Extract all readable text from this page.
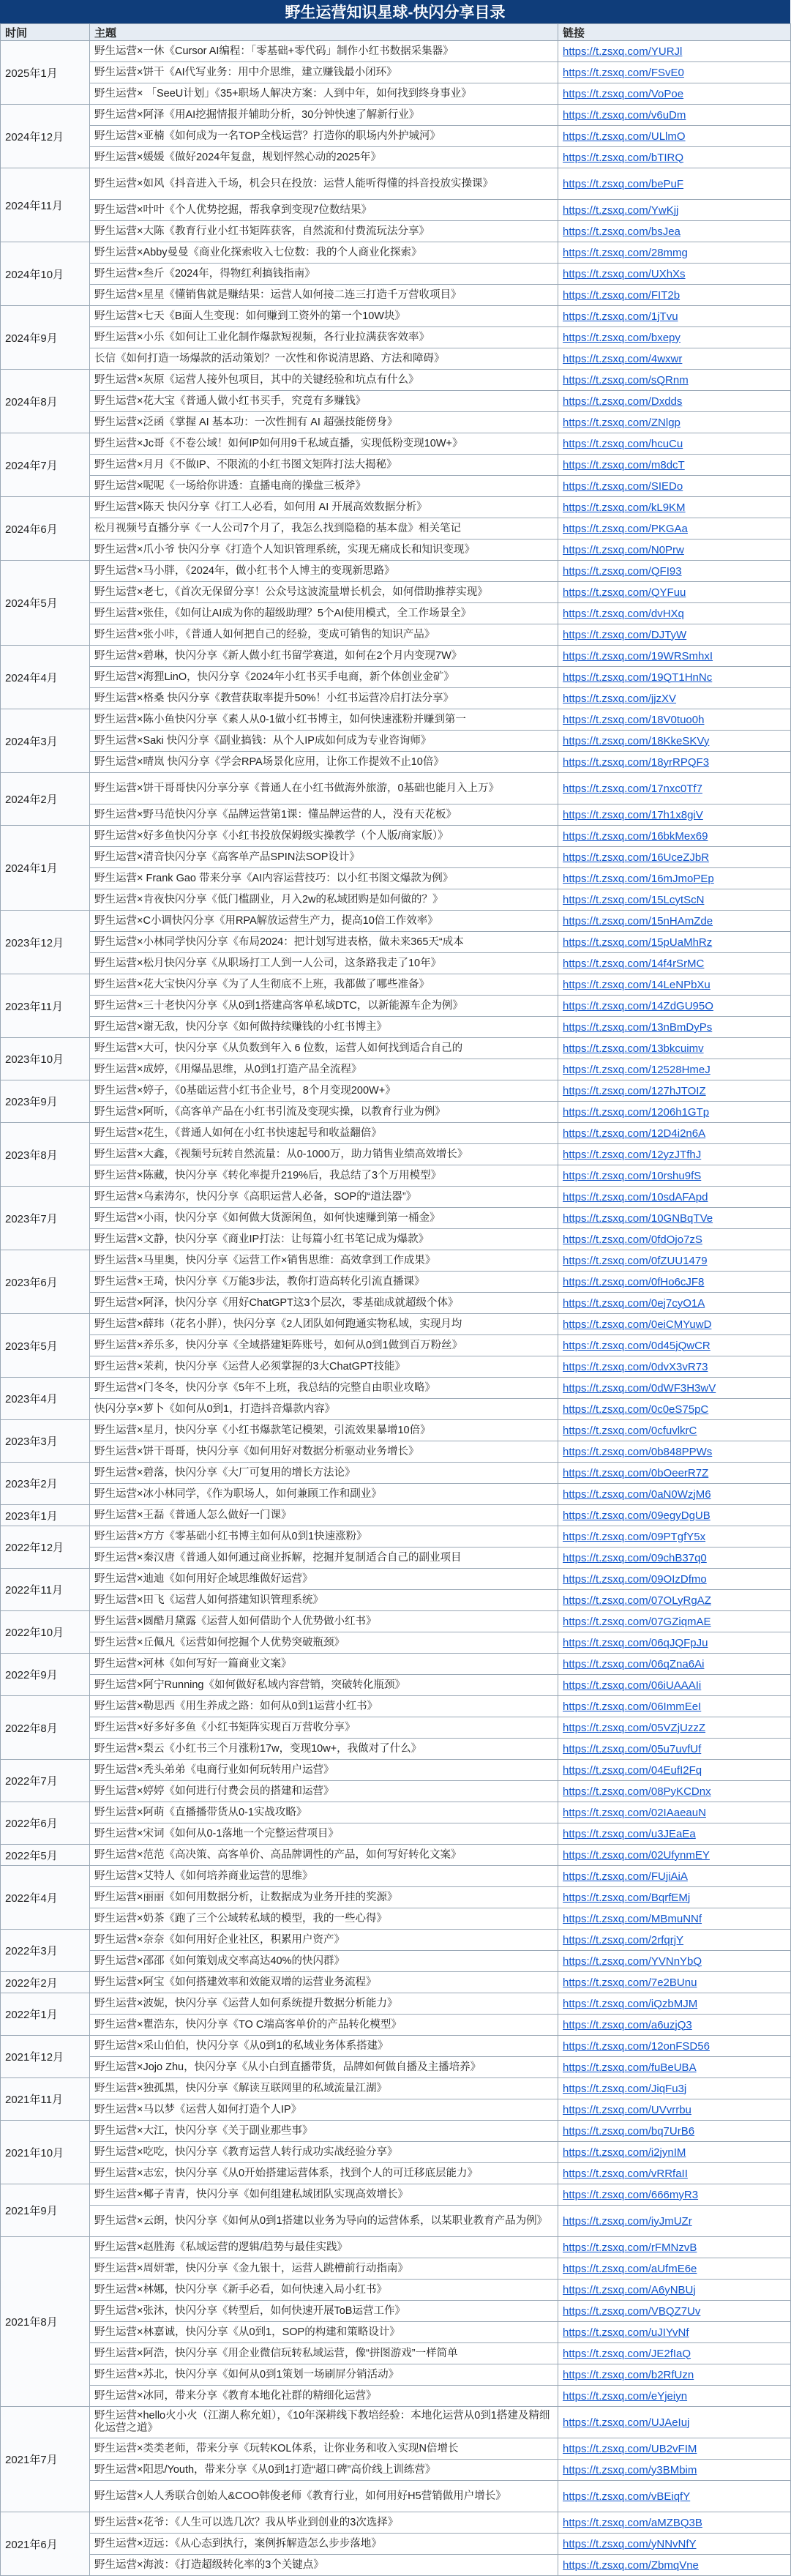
野生运营知识星球-快闪分享目录
时间	主题	链接
2025年1月	野生运营×一休《Cursor AI编程：「零基础+零代码」制作小红书数据采集器》	https://t.zsxq.com/YURJl
	野生运营×饼干《AI代写业务：用中介思维，建立赚钱最小闭环》	https://t.zsxq.com/FSvE0
	野生运营× 「SeeU计划」《35+职场人解决方案：人到中年，如何找到终身事业》	https://t.zsxq.com/VoPoe
2024年12月	野生运营×阿泽《用AI挖掘情报并辅助分析，30分钟快速了解新行业》	https://t.zsxq.com/v6uDm
	野生运营×亚楠《如何成为一名TOP全栈运营？打造你的职场内外护城河》	https://t.zsxq.com/ULlmO
	野生运营×媛媛《做好2024年复盘，规划怦然心动的2025年》	https://t.zsxq.com/bTIRQ
2024年11月	野生运营×如风《抖音进入千场，机会只在投放：运营人能听得懂的抖音投放实操课》	https://t.zsxq.com/bePuF
	野生运营×叶叶《个人优势挖掘，帮我拿到变现7位数结果》	https://t.zsxq.com/YwKjj
	野生运营×大陈《教育行业小红书矩阵获客，自然流和付费流玩法分享》	https://t.zsxq.com/bsJea
2024年10月	野生运营×Abby曼曼《商业化探索收入七位数：我的个人商业化探索》	https://t.zsxq.com/28mmg
	野生运营×叁斤《2024年，得物红利搞钱指南》	https://t.zsxq.com/UXhXs
	野生运营×星星《懂销售就是赚结果：运营人如何接二连三打造千万营收项目》	https://t.zsxq.com/FIT2b
2024年9月	野生运营×七天《B面人生变现：如何赚到工资外的第一个10W块》	https://t.zsxq.com/1jTvu
	野生运营×小乐《如何让工业化制作爆款短视频，各行业拉满获客效率》	https://t.zsxq.com/bxepy
	长信《如何打造一场爆款的活动策划？一次性和你说清思路、方法和障碍》	https://t.zsxq.com/4wxwr
2024年8月	野生运营×灰原《运营人接外包项目，其中的关键经验和坑点有什么》	https://t.zsxq.com/sQRnm
	野生运营×花大宝《普通人做小红书买手，究竟有多赚钱》	https://t.zsxq.com/Dxdds
	野生运营×泛函《掌握 AI 基本功：一次性拥有 AI 超强技能傍身》	https://t.zsxq.com/ZNlgp
2024年7月	野生运营×Jc哥《不卷公域！如何IP如何用9千私域直播，实现低粉变现10W+》	https://t.zsxq.com/hcuCu
	野生运营×月月《不做IP、不限流的小红书图文矩阵打法大揭秘》	https://t.zsxq.com/m8dcT
	野生运营×呢呢《一场给你讲透：直播电商的操盘三板斧》	https://t.zsxq.com/SIEDo
2024年6月	野生运营×陈天 快闪分享《打工人必看，如何用 AI 开展高效数据分析》	https://t.zsxq.com/kL9KM
	松月视频号直播分享《一人公司7个月了，我怎么找到隐稳的基本盘》相关笔记	https://t.zsxq.com/PKGAa
	野生运营×爪小爷 快闪分享《打造个人知识管理系统，实现无痛成长和知识变现》	https://t.zsxq.com/N0Prw
2024年5月	野生运营×马小胖，《2024年，做小红书个人博主的变现新思路》	https://t.zsxq.com/QFI93
	野生运营×老七，《首次无保留分享！公众号这波流量增长机会，如何借助推荐实现》	https://t.zsxq.com/QYFuu
	野生运营×张佳，《如何让AI成为你的超级助理？5个AI使用模式，全工作场景全》	https://t.zsxq.com/dvHXq
	野生运营×张小咔，《普通人如何把自己的经验，变成可销售的知识产品》	https://t.zsxq.com/DJTyW
2024年4月	野生运营×碧琳，快闪分享《新人做小红书留学赛道，如何在2个月内变现7W》	https://t.zsxq.com/19WRSmhxI
	野生运营×海狸LinO，快闪分享《2024年小红书买手电商，新个体创业金矿》	https://t.zsxq.com/19QT1HnNc
	野生运营×格桑 快闪分享《教营获取率提升50%！小红书运营冷启打法分享》	https://t.zsxq.com/jjzXV
2024年3月	野生运营×陈小鱼快闪分享《素人从0-1做小红书博主，如何快速涨粉并赚到第一	https://t.zsxq.com/18V0tuo0h
	野生运营×Saki 快闪分享《副业搞钱：从个人IP成如何成为专业咨询师》	https://t.zsxq.com/18KkeSKVy
	野生运营×晴岚 快闪分享《学会RPA场景化应用，让你工作提效不止10倍》	https://t.zsxq.com/18yrRPQF3
2024年2月	野生运营×饼干哥哥快闪分享分享《普通人在小红书做海外旅游，0基础也能月入上万》	https://t.zsxq.com/17nxc0Tf7
	野生运营×野马范快闪分享《品牌运营第1课：懂品牌运营的人，没有天花板》	https://t.zsxq.com/17h1x8giV
2024年1月	野生运营×好多鱼快闪分享《小红书投放保姆级实操教学（个人版/商家版）》	https://t.zsxq.com/16bkMex69
	野生运营×清音快闪分享《高客单产品SPIN法SOP设计》	https://t.zsxq.com/16UceZJbR
	野生运营× Frank Gao 带来分享《AI内容运营技巧：以小红书图文爆款为例》	https://t.zsxq.com/16mJmoPEp
	野生运营×肯夜快闪分享《低门槛副业，月入2w的私域团购是如何做的？》	https://t.zsxq.com/15LcytScN
2023年12月	野生运营×C小调快闪分享《用RPA解放运营生产力，提高10倍工作效率》	https://t.zsxq.com/15nHAmZde
	野生运营×小林同学快闪分享《布局2024：把计划写进表格，做未来365天“成本	https://t.zsxq.com/15pUaMhRz
	野生运营×松月快闪分享《从职场打工人到一人公司，这条路我走了10年》	https://t.zsxq.com/14f4rSrMC
2023年11月	野生运营×花大宝快闪分享《为了人生彻底不上班，我都做了哪些准备》	https://t.zsxq.com/14LeNPbXu
	野生运营×三十老快闪分享《从0到1搭建高客单私域DTC，以新能源车企为例》	https://t.zsxq.com/14ZdGU95O
	野生运营×谢无敌，快闪分享《如何做持续赚钱的小红书博主》	https://t.zsxq.com/13nBmDyPs
2023年10月	野生运营×大可，快闪分享《从负数到年入 6 位数，运营人如何找到适合自己的	https://t.zsxq.com/13bkcuimv
	野生运营×成婷，《用爆品思维，从0到1打造产品全流程》	https://t.zsxq.com/12528HmeJ
2023年9月	野生运营×婷子，《0基础运营小红书企业号，8个月变现200W+》	https://t.zsxq.com/127hJTOIZ
	野生运营×阿昕，《高客单产品在小红书引流及变现实操，以教育行业为例》	https://t.zsxq.com/1206h1GTp
2023年8月	野生运营×花生，《普通人如何在小红书快速起号和收益翻倍》	https://t.zsxq.com/12D4i2n6A
	野生运营×大鑫，《视频号玩转自然流量：从0-1000万，助力销售业绩高效增长》	https://t.zsxq.com/12yzJTfhJ
	野生运营×陈藏，快闪分享《转化率提升219%后，我总结了3个万用模型》	https://t.zsxq.com/10rshu9fS
2023年7月	野生运营×乌素涛尔，快闪分享《高职运营人必备，SOP的“道法器”》	https://t.zsxq.com/10sdAFApd
	野生运营×小雨，快闪分享《如何做大货源闲鱼，如何快速赚到第一桶金》	https://t.zsxq.com/10GNBqTVe
	野生运营×文静，快闪分享《商业IP打法：让每篇小红书笔记成为爆款》	https://t.zsxq.com/0fdOjo7zS
2023年6月	野生运营×马里奥，快闪分享《运营工作×销售思维：高效拿到工作成果》	https://t.zsxq.com/0fZUU1479
	野生运营×王琦，快闪分享《万能3步法，教你打造高转化引流直播课》	https://t.zsxq.com/0fHo6cJF8
	野生运营×阿泽，快闪分享《用好ChatGPT这3个层次，零基础成就超级个体》	https://t.zsxq.com/0ej7cyO1A
2023年5月	野生运营×薛玮（花名小胖），快闪分享《2人团队如何跑通实物私域，实现月均	https://t.zsxq.com/0eiCMYuwD
	野生运营×养乐多，快闪分享《全域搭建矩阵账号，如何从0到1做到百万粉丝》	https://t.zsxq.com/0d45jQwCR
	野生运营×茉莉，快闪分享《运营人必须掌握的3大ChatGPT技能》	https://t.zsxq.com/0dvX3vR73
2023年4月	野生运营×门冬冬，快闪分享《5年不上班，我总结的完整自由职业攻略》	https://t.zsxq.com/0dWF3H3wV
	快闪分享×萝卜《如何从0到1，打造抖音爆款内容》	https://t.zsxq.com/0c0eS75pC
2023年3月	野生运营×星月，快闪分享《小红书爆款笔记模架，引流效果暴增10倍》	https://t.zsxq.com/0cfuvlkrC
	野生运营×饼干哥哥，快闪分享《如何用好对数据分析驱动业务增长》	https://t.zsxq.com/0b848PPWs
2023年2月	野生运营×碧落，快闪分享《大厂可复用的增长方法论》	https://t.zsxq.com/0bOeerR7Z
	野生运营×冰小林同学，《作为职场人，如何兼顾工作和副业》	https://t.zsxq.com/0aN0WzjM6
2023年1月	野生运营×王磊《普通人怎么做好一门课》	https://t.zsxq.com/09egyDgUB
2022年12月	野生运营×方方《零基础小红书博主如何从0到1快速涨粉》	https://t.zsxq.com/09PTgfY5x
	野生运营×秦汉唐《普通人如何通过商业拆解，挖掘并复制适合自己的副业项目	https://t.zsxq.com/09chB37q0
2022年11月	野生运营×迪迪《如何用好企域思维做好运营》	https://t.zsxq.com/09OIzDfmo
	野生运营×田飞《运营人如何搭建知识管理系统》	https://t.zsxq.com/07OLyRgAZ
2022年10月	野生运营×圆酷月黛露《运营人如何借助个人优势做小红书》	https://t.zsxq.com/07GZiqmAE
	野生运营×丘佩凡《运营如何挖掘个人优势突破瓶颈》	https://t.zsxq.com/06qJQFpJu
2022年9月	野生运营×河林《如何写好一篇商业文案》	https://t.zsxq.com/06qZna6Ai
	野生运营×阿宁Running《如何做好私域内容营销，突破转化瓶颈》	https://t.zsxq.com/06iUAAAIi
2022年8月	野生运营×勒思西《用生养成之路：如何从0到1运营小红书》	https://t.zsxq.com/06ImmEeI
	野生运营×好多好多鱼《小红书矩阵实现百万营收分享》	https://t.zsxq.com/05VZjUzzZ
	野生运营×梨云《小红书三个月涨粉17w，变现10w+，我做对了什么》	https://t.zsxq.com/05u7uvfUf
2022年7月	野生运营×秃头弟弟《电商行业如何玩转用户运营》	https://t.zsxq.com/04EufI2Fq
	野生运营×婷婷《如何进行付费会员的搭建和运营》	https://t.zsxq.com/08PyKCDnx
2022年6月	野生运营×阿萌《直播播带货从0-1实战攻略》	https://t.zsxq.com/02IAaeauN
	野生运营×宋词《如何从0-1落地一个完整运营项目》	https://t.zsxq.com/u3JEaEa
2022年5月	野生运营×范范《高决策、高客单价、高品牌调性的产品，如何写好转化文案》	https://t.zsxq.com/02UfynmEY
2022年4月	野生运营×艾特人《如何培养商业运营的思维》	https://t.zsxq.com/FUjiAiA
	野生运营×丽丽《如何用数据分析，让数据成为业务开挂的奖源》	https://t.zsxq.com/BqrfEMj
	野生运营×奶茶《跑了三个公域转私域的模型，我的一些心得》	https://t.zsxq.com/MBmuNNf
2022年3月	野生运营×奈奈《如何用好企业社区，积累用户资产》	https://t.zsxq.com/2rfqrjY
	野生运营×邵邵《如何策划成交率高达40%的快闪群》	https://t.zsxq.com/YVNnYbQ
2022年2月	野生运营×阿宝《如何搭建效率和效能双增的运营业务流程》	https://t.zsxq.com/7e2BUnu
2022年1月	野生运营×波妮，快闪分享《运营人如何系统提升数据分析能力》	https://t.zsxq.com/iQzbMJM
	野生运营×瞿浩东，快闪分享《TO C端高客单价的产品转化模型》	https://t.zsxq.com/a6uzjQ3
2021年12月	野生运营×采山伯伯，快闪分享《从0到1的私域业务体系搭建》	https://t.zsxq.com/12onFSD56
	野生运营×Jojo Zhu，快闪分享《从小白到直播带货，品牌如何做自播及主播培养》	https://t.zsxq.com/fuBeUBA
2021年11月	野生运营×独孤黑，快闪分享《解读互联网里的私域流量江湖》	https://t.zsxq.com/JiqFu3j
	野生运营×马以梦《运营人如何打造个人IP》	https://t.zsxq.com/UVvrrbu
2021年10月	野生运营×大江，快闪分享《关于副业那些事》	https://t.zsxq.com/bq7UrB6
	野生运营×吃吃，快闪分享《教育运营人转行成功实战经验分享》	https://t.zsxq.com/i2jynIM
	野生运营×志宏，快闪分享《从0开始搭建运营体系，找到个人的可迁移底层能力》	https://t.zsxq.com/vRRfaII
2021年9月	野生运营×椰子青青，快闪分享《如何组建私域团队实现高效增长》	https://t.zsxq.com/666myR3
	野生运营×云朗，快闪分享《如何从0到1搭建以业务为导向的运营体系，以某职业教育产品为例》	https://t.zsxq.com/iyJmUZr
2021年8月	野生运营×赵胜海《私域运营的逻辑/趋势与最佳实践》	https://t.zsxq.com/rFMNzvB
	野生运营×周妍霏，快闪分享《金九银十，运营人跳槽前行动指南》	https://t.zsxq.com/aUfmE6e
	野生运营×林娜，快闪分享《新手必看，如何快速入局小红书》	https://t.zsxq.com/A6yNBUj
	野生运营×张沐，快闪分享《转型后，如何快速开展ToB运营工作》	https://t.zsxq.com/VBQZ7Uv
	野生运营×林嘉诚，快闪分享《从0到1，SOP的构建和策略设计》	https://t.zsxq.com/uJIYvNf
	野生运营×阿浩，快闪分享《用企业微信玩转私域运营，像“拼图游戏”一样简单	https://t.zsxq.com/JE2fIaQ
	野生运营×苏北，快闪分享《如何从0到1策划一场刷屏分销活动》	https://t.zsxq.com/b2RfUzn
	野生运营×冰同，带来分享《教育本地化社群的精细化运营》	https://t.zsxq.com/eYjeiyn
2021年7月	野生运营×hello火小火（江湖人称允姐），《10年深耕线下教培经验：本地化运营从0到1搭建及精细化运营之道》	https://t.zsxq.com/UJAeIuj
	野生运营×类类老师，带来分享《玩转KOL体系，让你业务和收入实现N倍增长	https://t.zsxq.com/UB2vFIM
	野生运营×阳思/Youth，带来分享《从0到1打造“超口碑”高价线上训练营》	https://t.zsxq.com/y3BMbim
	野生运营×人人秀联合创始人&COO韩俊老师《教育行业，如何用好H5营销做用户增长》	https://t.zsxq.com/vBEiqfY
2021年6月	野生运营×花爷：《人生可以选几次？我从毕业到创业的3次选择》	https://t.zsxq.com/aMZBQ3B
	野生运营×迈远：《从心态到执行，案例拆解造怎么步步落地》	https://t.zsxq.com/yNNvNfY
	野生运营×海波：《打造超级转化率的3个关键点》	https://t.zsxq.com/ZbmqVne
